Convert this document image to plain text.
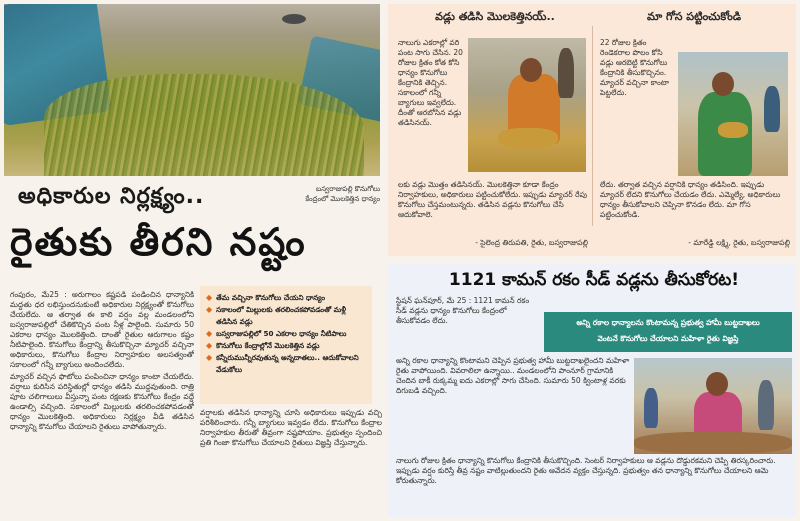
అధికారుల నిర్లక్ష్యం..	బస్వరాజుపల్లి కొనుగోలు కేంద్రంలో మొలకెత్తిన ధాన్యం
రైతుకు తీరని నష్టం

గంపురం, మే25 : అరుగాలం కష్టపడి పండించిన ధాన్యానికి మద్దతు ధర లభిస్తుందనుకుంటే అధికారుల నిర్లక్ష్యంతో కొనుగోలు చేయలేదు. ఆ తర్వాత ఈ కాలి వర్షం వల్ల మండలంలోని బస్వరాజుపల్లిలో చేతికొచ్చిన పంట నీళ్ల పాలైంది. సుమారు 50 ఎకరాల ధాన్యం మొలకెత్తింది. దాంతో రైతుల ఆరుగాలం కష్టం నీటిపాలైంది. కొనుగోలు కేంద్రాన్ని తీసుకొచ్చినా మ్యాచర్ వచ్చినా అధికారులు, కొనుగోలు కేంద్రాల నిర్వాహకుల అలసత్వంతో సకాలంలో గన్నీ బ్యాగులు అందించలేదు.

మ్యాచర్ వచ్చిన ఫొటోలు పంపించినా ధాన్యం కాంటా చేయలేదు. వర్షాలు కురిసిన పరిస్థితుల్లో ధాన్యం తడిసి ముద్దవుతుంది. రాత్రి పూట చలిగాలులు వీస్తున్నా పంట రక్షణకు కొనుగోలు కేంద్రం వద్దే ఉండాల్సి వచ్చింది. సకాలంలో మిల్లులకు తరలించకపోవడంతో ధాన్యం మొలకెత్తింది. అధికారులు నిర్లక్ష్యం వీడి తడిసిన ధాన్యాన్ని కొనుగోలు చేయాలని రైతులు వాపోతున్నారు.

◆ తేమ వచ్చినా కొనుగోలు చేయని ధాన్యం
◆ సకాలంలో మిల్లులకు తరలించకపోవడంతో మళ్లీ తడిసిన వడ్లు
◆ బస్వరాజుపల్లిలో 50 ఎకరాల ధాన్యం నీటిపాలు
◆ కొనుగోలు కేంద్రాల్లోనే మొలకెత్తిన వడ్లు
◆ కన్నీరుమున్నీరవుతున్న అన్నదాతలు.. ఆదుకోవాలని వేడుకోలు

వర్షాలకు తడిసిన ధాన్యాన్ని చూసి అధికారులు ఇప్పుడు వచ్చి పరిశీలించారు. గన్నీ బ్యాగులు ఇవ్వడం లేదు. కొనుగోలు కేంద్రాల నిర్వాహకుల తీరుతో తీవ్రంగా నష్టపోయాం. ప్రభుత్వం స్పందించి ప్రతి గింజా కొనుగోలు చేయాలని రైతులు విజ్ఞప్తి చేస్తున్నారు.

వడ్లు తడిసి మొలకెత్తినయ్..	మా గోస పట్టించుకోండి
నాలుగు ఎకరాల్లో వరి పంట సాగు చేసిన. 20 రోజుల క్రితం కోత కోసి ధాన్యం కొనుగోలు కేంద్రానికి తెచ్చిన. సకాలంలో గన్నీ బ్యాగులు ఇవ్వలేదు. దీంతో ఆరబోసిన వడ్లు తడిసినయ్.
22 రోజుల క్రితం రెండెకరాల పొలం కోసి వడ్లు ఆరబెట్టి కొనుగోలు కేంద్రానికి తీసుకొచ్చినం. మ్యాచర్ వచ్చినా కాంటా పెట్టలేదు.
లకు వడ్లు మొత్తం తడిసినయ్. మొలకెత్తినా కూడా కేంద్రం నిర్వాహకులు, అధికారులు పట్టించుకోలేదు. ఇప్పుడు మ్యాచర్ రేపు కొనుగోలు చేస్తమంటున్నరు. తడిసిన వడ్లను కొనుగోలు చేసి ఆదుకోవాలె.
లేదు. తర్వాత వచ్చిన వర్షానికి ధాన్యం తడిసింది. ఇప్పుడు మ్యాచర్ లేదని కొనుగోలు చేయడం లేదు. ఎమ్మెల్యే, అధికారులు ధాన్యం తీసుకోవాలని చెప్పినా కొనడం లేదు. మా గోస పట్టించుకోండి.
- సైలెంద్ర తిరుపతి, రైతు, బస్వరాజుపల్లి	- మారేడ్డి లక్ష్మి, రైతు, బస్వరాజుపల్లి
1121 కామన్ రకం సీడ్ వడ్లను తీసుకోరట!
స్టేషన్ ఘన్‌పూర్, మే 25 : 1121 కామన్ రకం సీడ్ వడ్లను ధాన్యం కొనుగోలు కేంద్రంలో తీసుకోవడం లేదు.	అన్ని రకాల ధాన్యాలను కొంటామన్న ప్రభుత్వ హామీ బుట్టదాఖలు
వెంటనే కొనుగోలు చేయాలని మహిళా రైతు విజ్ఞప్తి
అన్ని రకాల ధాన్యాన్ని కొంటామని చెప్పిన ప్రభుత్వ హామీ బుట్టదాఖలైందని మహిళా రైతు వాపోయింది. వివరాలిలా ఉన్నాయి.. మండలంలోని పాంనూర్ గ్రామానికి చెందిన బాకీ రుక్కమ్మ ఐదు ఎకరాల్లో సాగు చేసింది. సుమారు 50 క్వింటాళ్ల వరకు దిగుబడి వచ్చింది.
నాలుగు రోజుల క్రితం ధాన్యాన్ని కొనుగోలు కేంద్రానికి తీసుకొచ్చింది. సెంటర్ నిర్వాహకులు ఆ వడ్లను దొడ్డురకమని చెప్పి తిరస్కరించారు. ఇప్పుడు వర్షం కురిస్తే తీవ్ర నష్టం వాటిల్లుతుందని రైతు ఆవేదన వ్యక్తం చేస్తున్నది. ప్రభుత్వం తన ధాన్యాన్ని కొనుగోలు చేయాలని ఆమె కోరుతున్నారు.
